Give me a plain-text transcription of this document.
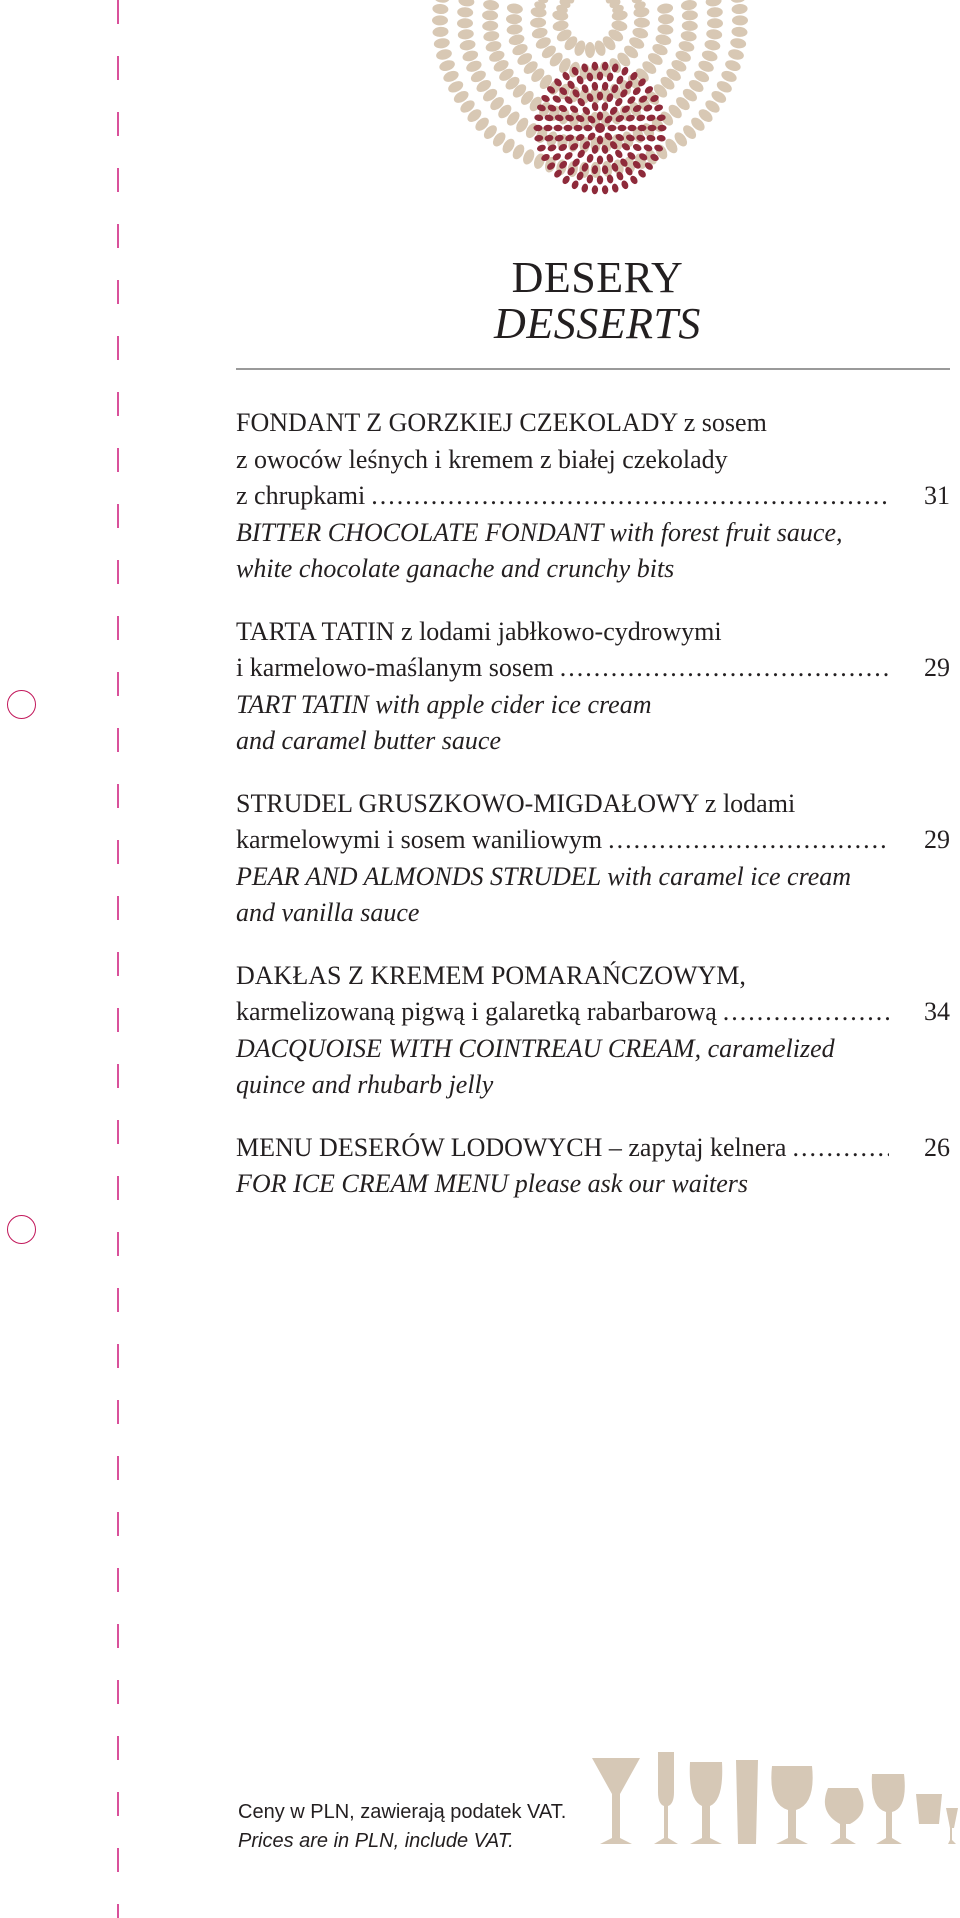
DESERY
DESSERTS
FONDANT Z GORZKIEJ CZEKOLADY z sosem
z owoców leśnych i kremem z białej czekolady
z chrupkami .....	31
BITTER CHOCOLATE FONDANT with forest fruit sauce,
white chocolate ganache and crunchy bits
TARTA TATIN z lodami jabłkowo-cydrowymi
i karmelowo-maślanym sosem .....	29
TART TATIN with apple cider ice cream
and caramel butter sauce
STRUDEL GRUSZKOWO-MIGDAŁOWY z lodami
karmelowymi i sosem waniliowym .....	29
PEAR AND ALMONDS STRUDEL with caramel ice cream
and vanilla sauce
DAKŁAS Z KREMEM POMARAŃCZOWYM,
karmelizowaną pigwą i galaretką rabarbarową .....	34
DACQUOISE WITH COINTREAU CREAM, caramelized
quince and rhubarb jelly
MENU DESERÓW LODOWYCH – zapytaj kelnera .....	26
FOR ICE CREAM MENU please ask our waiters
Ceny w PLN, zawierają podatek VAT.
Prices are in PLN, include VAT.
